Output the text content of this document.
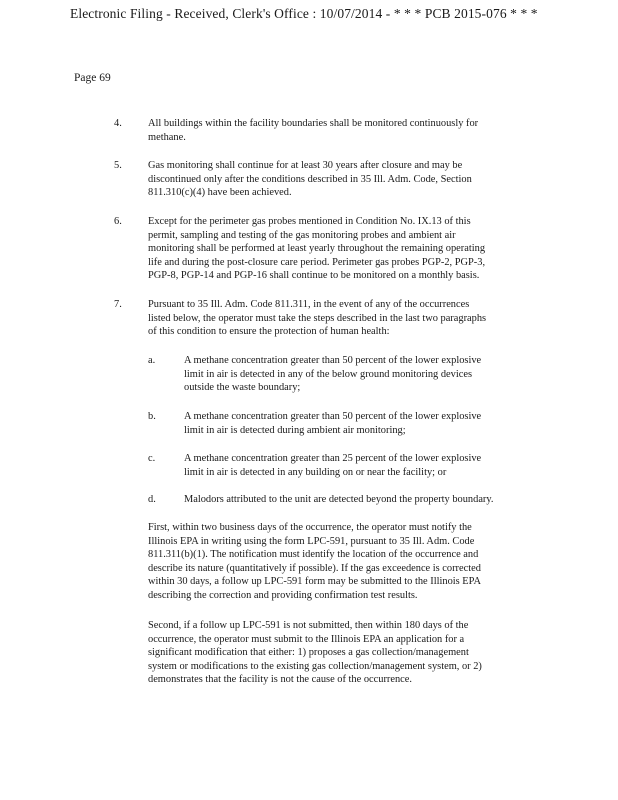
Electronic Filing - Received, Clerk's Office : 10/07/2014 - * * * PCB 2015-076 * * *
Page 69
4.	All buildings within the facility boundaries shall be monitored continuously for
methane.
5.	Gas monitoring shall continue for at least 30 years after closure and may be
discontinued only after the conditions described in 35 Ill. Adm. Code, Section
811.310(c)(4) have been achieved.
6.	Except for the perimeter gas probes mentioned in Condition No. IX.13 of this
permit, sampling and testing of the gas monitoring probes and ambient air
monitoring shall be performed at least yearly throughout the remaining operating
life and during the post-closure care period. Perimeter gas probes PGP-2, PGP-3,
PGP-8, PGP-14 and PGP-16 shall continue to be monitored on a monthly basis.
7.	Pursuant to 35 Ill. Adm. Code 811.311, in the event of any of the occurrences
listed below, the operator must take the steps described in the last two paragraphs
of this condition to ensure the protection of human health:
a.	A methane concentration greater than 50 percent of the lower explosive
limit in air is detected in any of the below ground monitoring devices
outside the waste boundary;
b.	A methane concentration greater than 50 percent of the lower explosive
limit in air is detected during ambient air monitoring;
c.	A methane concentration greater than 25 percent of the lower explosive
limit in air is detected in any building on or near the facility; or
d.	Malodors attributed to the unit are detected beyond the property boundary.
First, within two business days of the occurrence, the operator must notify the
Illinois EPA in writing using the form LPC-591, pursuant to 35 Ill. Adm. Code
811.311(b)(1). The notification must identify the location of the occurrence and
describe its nature (quantitatively if possible). If the gas exceedence is corrected
within 30 days, a follow up LPC-591 form may be submitted to the Illinois EPA
describing the correction and providing confirmation test results.
Second, if a follow up LPC-591 is not submitted, then within 180 days of the
occurrence, the operator must submit to the Illinois EPA an application for a
significant modification that either: 1) proposes a gas collection/management
system or modifications to the existing gas collection/management system, or 2)
demonstrates that the facility is not the cause of the occurrence.
